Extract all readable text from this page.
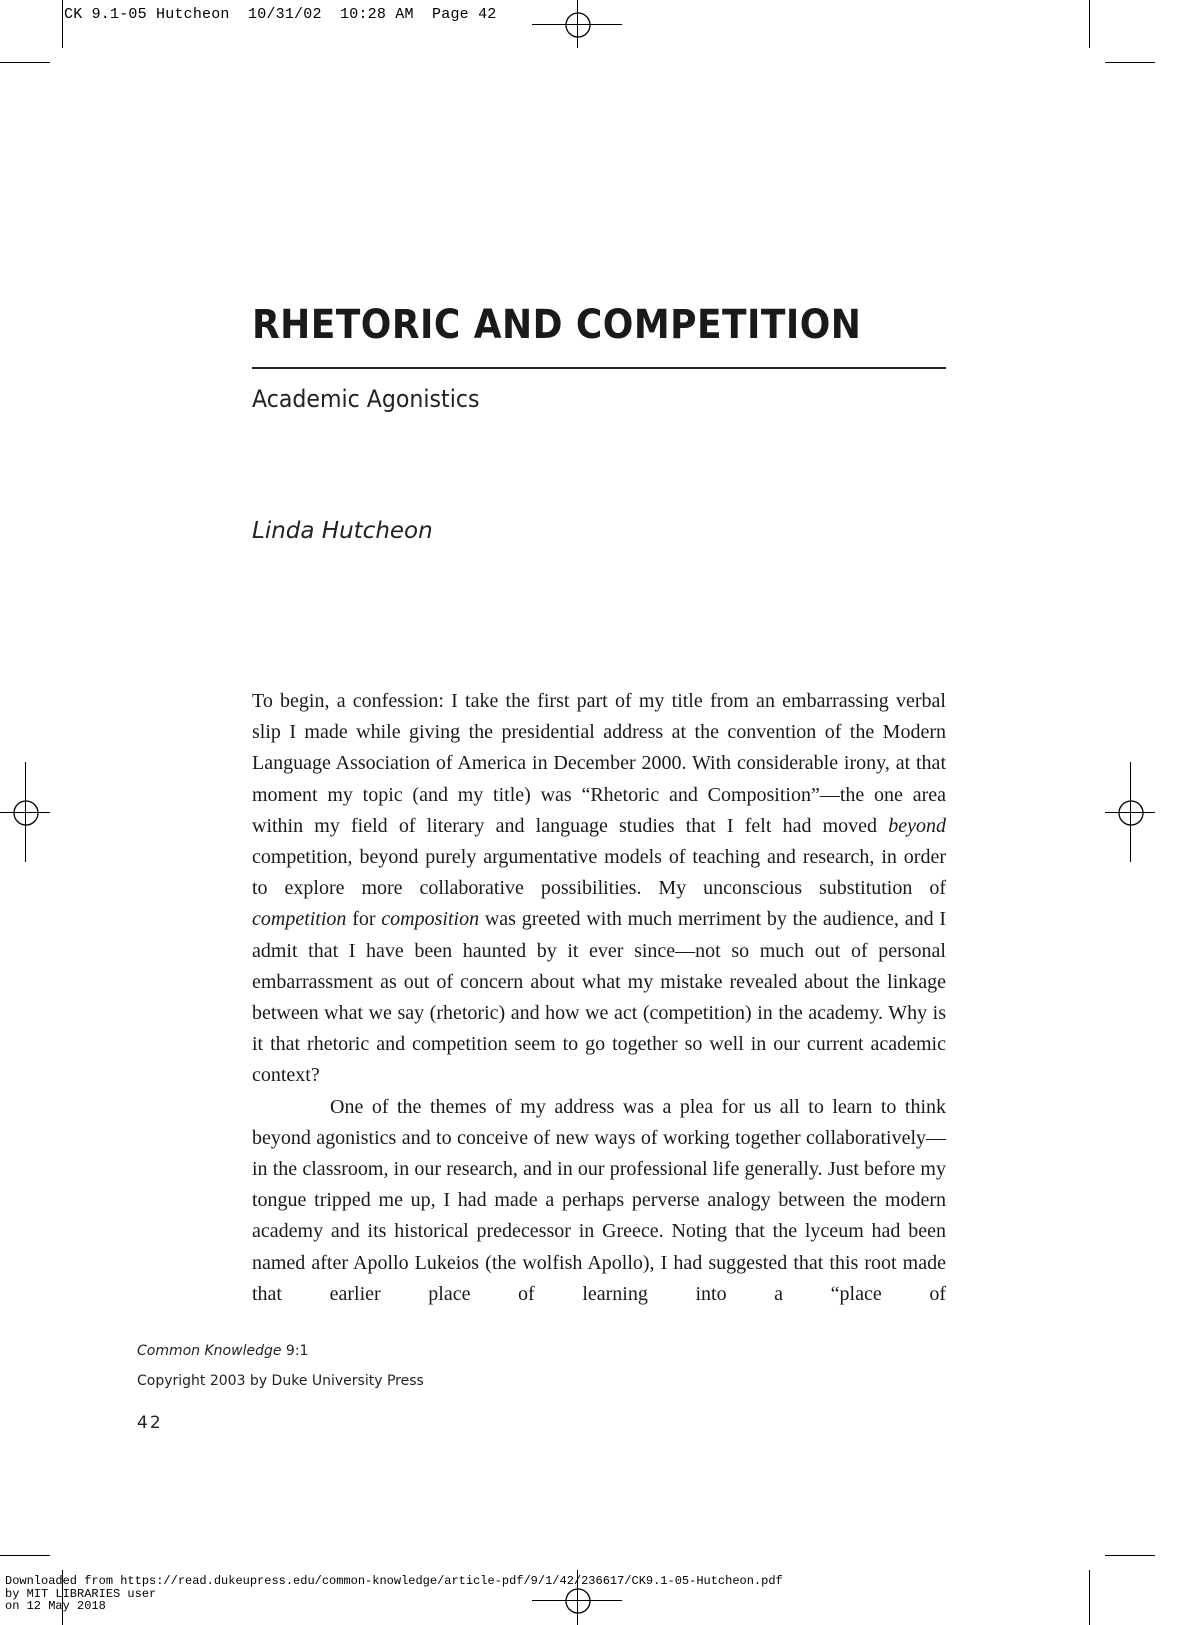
CK 9.1-05 Hutcheon  10/31/02  10:28 AM  Page 42
RHETORIC AND COMPETITION
Academic Agonistics
Linda Hutcheon

To begin, a confession: I take the first part of my title from an embarrassing verbal slip I made while giving the presidential address at the convention of the Modern Language Association of America in December 2000. With considerable irony, at that moment my topic (and my title) was “Rhetoric and Composition”—the one area within my field of literary and language studies that I felt had moved beyond competition, beyond purely argumentative models of teaching and research, in order to explore more collaborative possibilities. My unconscious substitution of competition for composition was greeted with much merriment by the audience, and I admit that I have been haunted by it ever since—not so much out of personal embarrassment as out of concern about what my mistake revealed about the linkage between what we say (rhetoric) and how we act (competition) in the academy. Why is it that rhetoric and competition seem to go together so well in our current academic context?

One of the themes of my address was a plea for us all to learn to think beyond agonistics and to conceive of new ways of working together collaboratively—in the classroom, in our research, and in our professional life generally. Just before my tongue tripped me up, I had made a perhaps perverse analogy between the modern academy and its historical predecessor in Greece. Noting that the lyceum had been named after Apollo Lukeios (the wolfish Apollo), I had suggested that this root made that earlier place of learning into a “place of

Common Knowledge 9:1
Copyright 2003 by Duke University Press
42
Downloaded from https://read.dukeupress.edu/common-knowledge/article-pdf/9/1/42/236617/CK9.1-05-Hutcheon.pdf
by MIT LIBRARIES user
on 12 May 2018
